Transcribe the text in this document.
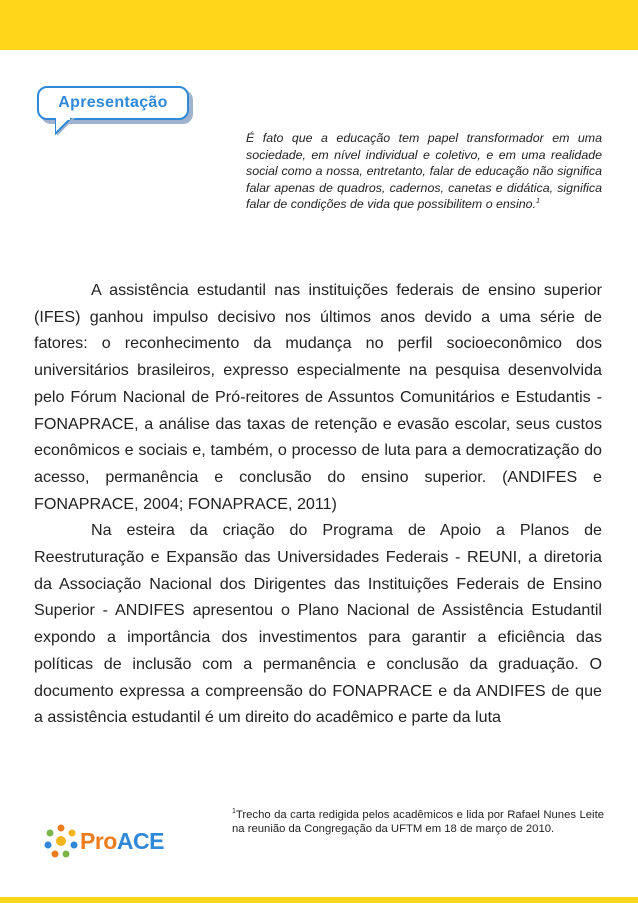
Apresentação
É fato que a educação tem papel transformador em uma sociedade, em nível individual e coletivo, e em uma realidade social como a nossa, entretanto, falar de educação não significa falar apenas de quadros, cadernos, canetas e didática, significa falar de condições de vida que possibilitem o ensino.$^1$

A assistência estudantil nas instituições federais de ensino superior (IFES) ganhou impulso decisivo nos últimos anos devido a uma série de fatores: o reconhecimento da mudança no perfil socioeconômico dos universitários brasileiros, expresso especialmente na pesquisa desenvolvida pelo Fórum Nacional de Pró-reitores de Assuntos Comunitários e Estudantis - FONAPRACE, a análise das taxas de retenção e evasão escolar, seus custos econômicos e sociais e, também, o processo de luta para a democratização do acesso, permanência e conclusão do ensino superior. (ANDIFES e FONAPRACE, 2004; FONAPRACE, 2011)

Na esteira da criação do Programa de Apoio a Planos de Reestruturação e Expansão das Universidades Federais - REUNI, a diretoria da Associação Nacional dos Dirigentes das Instituições Federais de Ensino Superior - ANDIFES apresentou o Plano Nacional de Assistência Estudantil expondo a importância dos investimentos para garantir a eficiência das políticas de inclusão com a permanência e conclusão da graduação. O documento expressa a compreensão do FONAPRACE e da ANDIFES de que a assistência estudantil é um direito do acadêmico e parte da luta

ProACE
$^1$Trecho da carta redigida pelos acadêmicos e lida por Rafael Nunes Leite na reunião da Congregação da UFTM em 18 de março de 2010.
